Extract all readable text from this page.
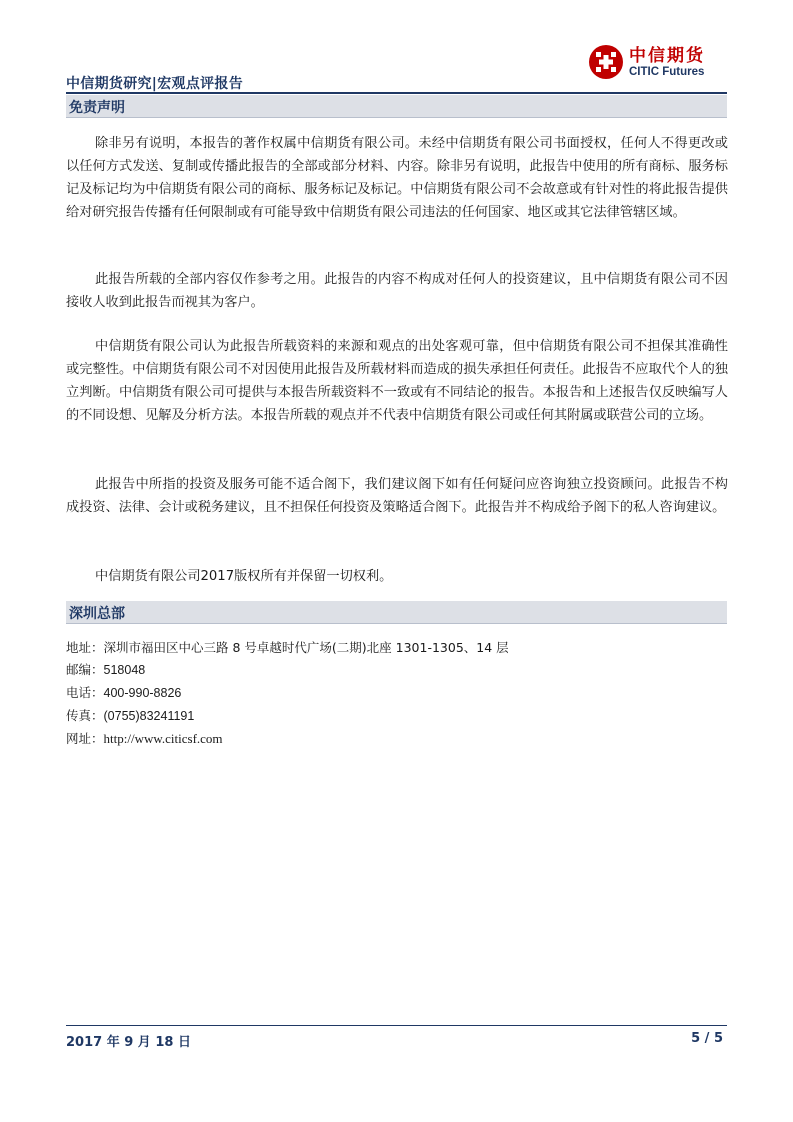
中信期货研究|宏观点评报告
中信期货
CITIC Futures
免责声明

除非另有说明，本报告的著作权属中信期货有限公司。未经中信期货有限公司书面授权，任何人不得更改或以任何方式发送、复制或传播此报告的全部或部分材料、内容。除非另有说明，此报告中使用的所有商标、服务标记及标记均为中信期货有限公司的商标、服务标记及标记。中信期货有限公司不会故意或有针对性的将此报告提供给对研究报告传播有任何限制或有可能导致中信期货有限公司违法的任何国家、地区或其它法律管辖区域。

此报告所载的全部内容仅作参考之用。此报告的内容不构成对任何人的投资建议，且中信期货有限公司不因接收人收到此报告而视其为客户。

中信期货有限公司认为此报告所载资料的来源和观点的出处客观可靠，但中信期货有限公司不担保其准确性或完整性。中信期货有限公司不对因使用此报告及所载材料而造成的损失承担任何责任。此报告不应取代个人的独立判断。中信期货有限公司可提供与本报告所载资料不一致或有不同结论的报告。本报告和上述报告仅反映编写人的不同设想、见解及分析方法。本报告所载的观点并不代表中信期货有限公司或任何其附属或联营公司的立场。

此报告中所指的投资及服务可能不适合阁下，我们建议阁下如有任何疑问应咨询独立投资顾问。此报告不构成投资、法律、会计或税务建议，且不担保任何投资及策略适合阁下。此报告并不构成给予阁下的私人咨询建议。

中信期货有限公司2017版权所有并保留一切权利。

深圳总部
地址：深圳市福田区中心三路 8 号卓越时代广场(二期)北座 1301-1305、14 层
邮编：518048
电话：400-990-8826
传真：(0755)83241191
网址：http://www.citicsf.com
2017 年 9 月 18 日	5 / 5
